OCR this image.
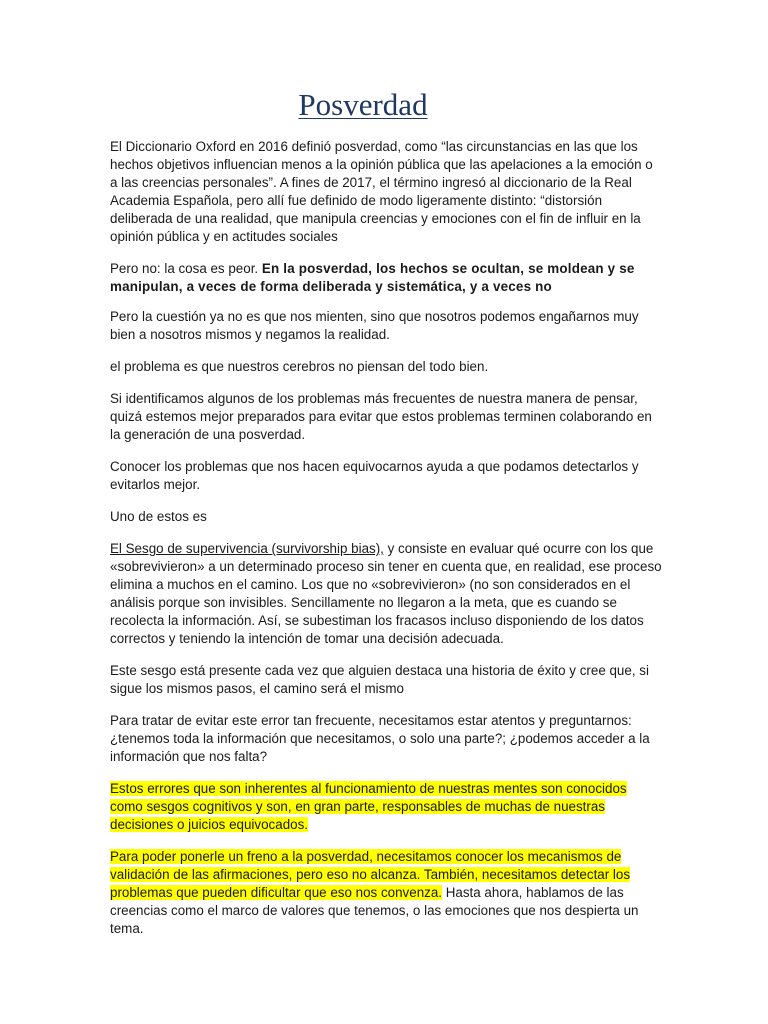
Posverdad

El Diccionario Oxford en 2016 definió posverdad, como “las circunstancias en las que los hechos objetivos influencian menos a la opinión pública que las apelaciones a la emoción o a las creencias personales”. A fines de 2017, el término ingresó al diccionario de la Real Academia Española, pero allí fue definido de modo ligeramente distinto: “distorsión deliberada de una realidad, que manipula creencias y emociones con el fin de influir en la opinión pública y en actitudes sociales

Pero no: la cosa es peor. En la posverdad, los hechos se ocultan, se moldean y se manipulan, a veces de forma deliberada y sistemática, y a veces no

Pero la cuestión ya no es que nos mienten, sino que nosotros podemos engañarnos muy bien a nosotros mismos y negamos la realidad.

el problema es que nuestros cerebros no piensan del todo bien.

Si identificamos algunos de los problemas más frecuentes de nuestra manera de pensar, quizá estemos mejor preparados para evitar que estos problemas terminen colaborando en la generación de una posverdad.

Conocer los problemas que nos hacen equivocarnos ayuda a que podamos detectarlos y evitarlos mejor.

Uno de estos es

El Sesgo de supervivencia (survivorship bias), y consiste en evaluar qué ocurre con los que «sobrevivieron» a un determinado proceso sin tener en cuenta que, en realidad, ese proceso elimina a muchos en el camino. Los que no «sobrevivieron» (no son considerados en el análisis porque son invisibles. Sencillamente no llegaron a la meta, que es cuando se recolecta la información. Así, se subestiman los fracasos incluso disponiendo de los datos correctos y teniendo la intención de tomar una decisión adecuada.

Este sesgo está presente cada vez que alguien destaca una historia de éxito y cree que, si sigue los mismos pasos, el camino será el mismo

Para tratar de evitar este error tan frecuente, necesitamos estar atentos y preguntarnos: ¿tenemos toda la información que necesitamos, o solo una parte?; ¿podemos acceder a la información que nos falta?

Estos errores que son inherentes al funcionamiento de nuestras mentes son conocidos como sesgos cognitivos y son, en gran parte, responsables de muchas de nuestras decisiones o juicios equivocados.

Para poder ponerle un freno a la posverdad, necesitamos conocer los mecanismos de validación de las afirmaciones, pero eso no alcanza. También, necesitamos detectar los problemas que pueden dificultar que eso nos convenza. Hasta ahora, hablamos de las creencias como el marco de valores que tenemos, o las emociones que nos despierta un tema.
